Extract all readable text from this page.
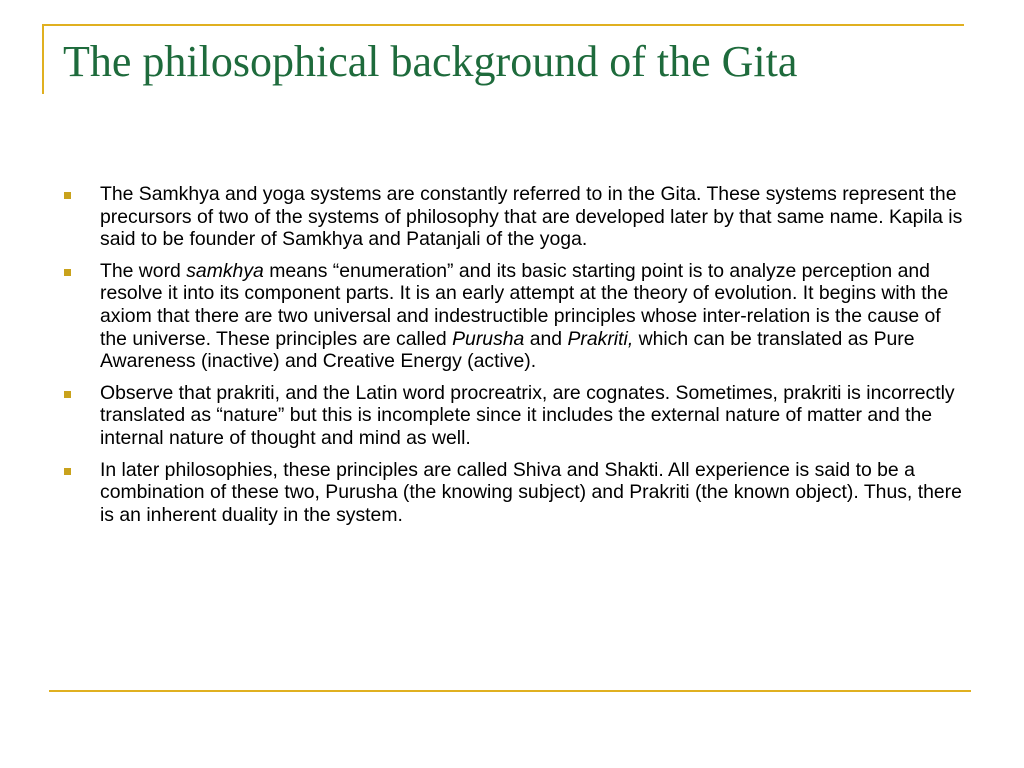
The philosophical background of the Gita
The Samkhya and yoga systems are constantly referred to in the Gita. These systems represent the precursors of two of the systems of philosophy that are developed later by that same name. Kapila is said to be founder of Samkhya and Patanjali of the yoga.
The word samkhya means “enumeration” and its basic starting point is to analyze perception and resolve it into its component parts. It is an early attempt at the theory of evolution. It begins with the axiom that there are two universal and indestructible principles whose inter-relation is the cause of the universe. These principles are called Purusha and Prakriti, which can be translated as Pure Awareness (inactive) and Creative Energy (active).
Observe that prakriti, and the Latin word procreatrix, are cognates. Sometimes, prakriti is incorrectly translated as “nature” but this is incomplete since it includes the external nature of matter and the internal nature of thought and mind as well.
In later philosophies, these principles are called Shiva and Shakti. All experience is said to be a combination of these two, Purusha (the knowing subject) and Prakriti (the known object). Thus, there is an inherent duality in the system.
